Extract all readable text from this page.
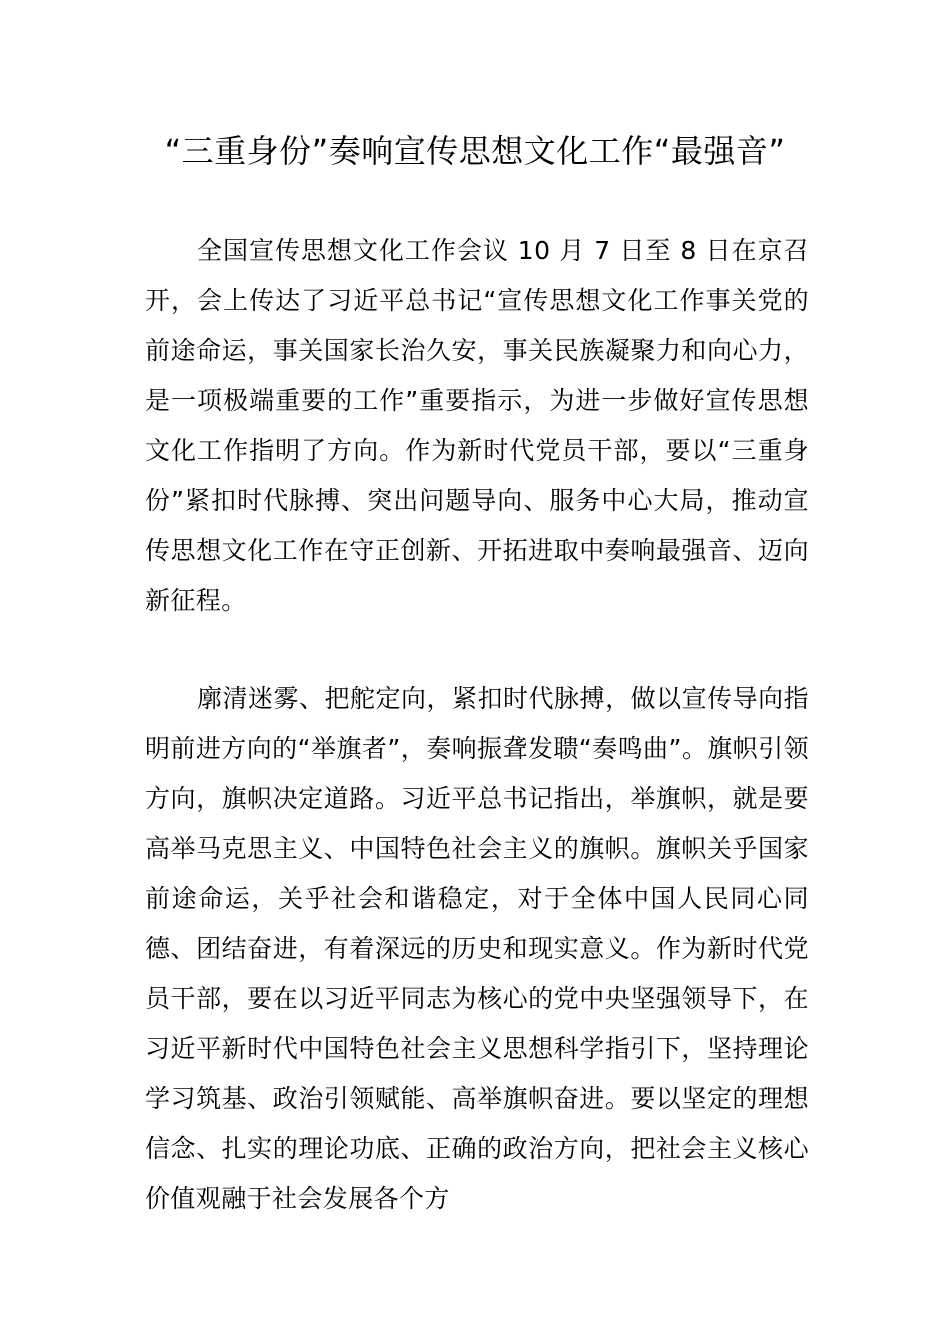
“三重身份”奏响宣传思想文化工作“最强音”

全国宣传思想文化工作会议 10 月 7 日至 8 日在京召开，会上传达了习近平总书记“宣传思想文化工作事关党的前途命运，事关国家长治久安，事关民族凝聚力和向心力，是一项极端重要的工作”重要指示，为进一步做好宣传思想文化工作指明了方向。作为新时代党员干部，要以“三重身份”紧扣时代脉搏、突出问题导向、服务中心大局，推动宣传思想文化工作在守正创新、开拓进取中奏响最强音、迈向新征程。

廓清迷雾、把舵定向，紧扣时代脉搏，做以宣传导向指明前进方向的“举旗者”，奏响振聋发聩“奏鸣曲”。旗帜引领方向，旗帜决定道路。习近平总书记指出，举旗帜，就是要高举马克思主义、中国特色社会主义的旗帜。旗帜关乎国家前途命运，关乎社会和谐稳定，对于全体中国人民同心同德、团结奋进，有着深远的历史和现实意义。作为新时代党员干部，要在以习近平同志为核心的党中央坚强领导下，在习近平新时代中国特色社会主义思想科学指引下，坚持理论学习筑基、政治引领赋能、高举旗帜奋进。要以坚定的理想信念、扎实的理论功底、正确的政治方向，把社会主义核心价值观融于社会发展各个方
